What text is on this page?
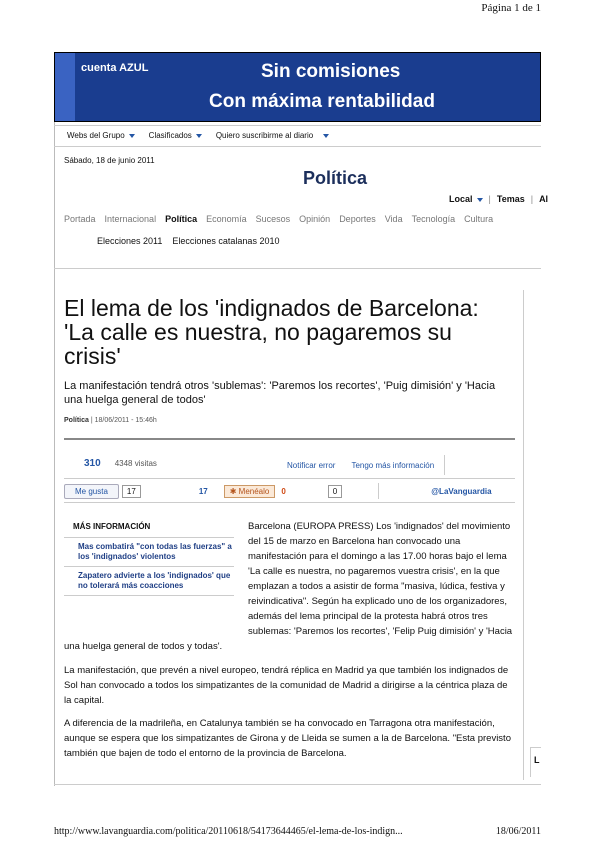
Página 1 de 1
cuenta AZUL	Sin comisiones
Con máxima rentabilidad
Webs del Grupo	Clasificados	Quiero suscribirme al diario
Sábado, 18 de junio 2011
Política
Local	| Temas | Al
Portada Internacional Política Economía Sucesos Opinión Deportes Vida Tecnología Cultura
Elecciones 2011 Elecciones catalanas 2010
El lema de los 'indignados de Barcelona: 'La calle es nuestra, no pagaremos su crisis'
La manifestación tendrá otros 'sublemas': 'Paremos los recortes', 'Puig dimisión' y 'Hacia una huelga general de todos'
Política | 18/06/2011 - 15:46h
310 4348 visitas	Notificar error Tengo más información
Me gusta	17	17	✱ Menéalo	0	0	@LaVanguardia
MÁS INFORMACIÓN
Mas combatirá "con todas las fuerzas" a los 'indignados' violentos
Zapatero advierte a los 'indignados' que no tolerará más coacciones
Barcelona (EUROPA PRESS) Los 'indignados' del movimiento del 15 de marzo en Barcelona han convocado una manifestación para el domingo a las 17.00 horas bajo el lema 'La calle es nuestra, no pagaremos vuestra crisis', en la que emplazan a todos a asistir de forma "masiva, lúdica, festiva y reivindicativa". Según ha explicado uno de los organizadores, además del lema principal de la protesta habrá otros tres sublemas: 'Paremos los recortes', 'Felip Puig dimisión' y 'Hacia una huelga general de todos y todas'.
La manifestación, que prevén a nivel europeo, tendrá réplica en Madrid ya que también los indignados de Sol han convocado a todos los simpatizantes de la comunidad de Madrid a dirigirse a la céntrica plaza de la capital.
A diferencia de la madrileña, en Catalunya también se ha convocado en Tarragona otra manifestación, aunque se espera que los simpatizantes de Girona y de Lleida se sumen a la de Barcelona. "Esta previsto también que bajen de todo el entorno de la provincia de Barcelona.
L
http://www.lavanguardia.com/politica/20110618/54173644465/el-lema-de-los-indign...	18/06/2011
